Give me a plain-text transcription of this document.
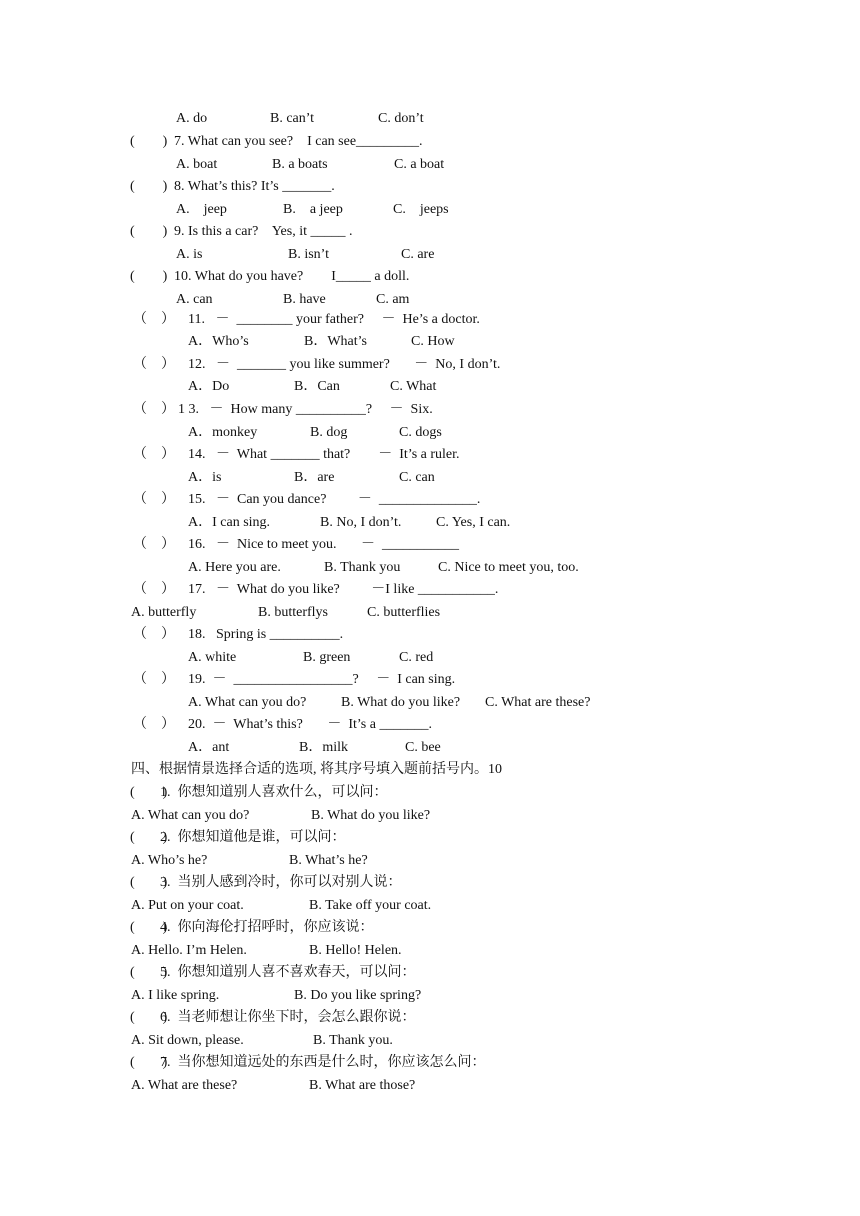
A. do	B. can’t	C. don’t
(        ) 7. What can you see?    I can see_________.
A. boat	B. a boats	C. a boat
(        ) 8. What’s this? It’s _______.
A.    jeep	B.    a jeep	C.    jeeps
(        ) 9. Is this a car?    Yes, it _____ .
A. is	B. isn’t	C. are
(        ) 10. What do you have?        I_____ a doll.
A. can	B. have	C. am
（    ） 11.   －  ________ your father?     －  He’s a doctor.
A．Who’s	B．What’s	C. How
（    ） 12.   －  _______ you like summer?       －  No, I don’t.
A．Do	B．Can	C. What
（    ） 1 3.   －  How many __________?     －  Six.
A．monkey	B. dog	C. dogs
（    ） 14.   －  What _______ that?        －  It’s a ruler.
A．is	B．are	C. can
（    ） 15.   －  Can you dance?         －  ______________.
A．I can sing.	B. No, I don’t. C. Yes, I can.
（    ） 16.   －  Nice to meet you.       －  ___________
A. Here you are.	B. Thank you	C. Nice to meet you, too.
（    ） 17.   －  What do you like?         －I like ___________.
A. butterfly	B. butterflys	C. butterflies
（    ） 18.   Spring is __________.
A. white	B. green	C. red
（    ） 19.  －  _________________?     －  I can sing.
A. What can you do? B. What do you like? C. What are these?
（    ） 20.  －  What’s this?       －  It’s a _______.
A．ant	B．milk	C. bee
四、根据情景选择合适的选项, 将其序号填入题前括号内。10
(        )
1.  你想知道别人喜欢什么，可以问：
A. What can you do?	B. What do you like?
(        )
2.  你想知道他是谁，可以问：
A. Who’s he?	B. What’s he?
(        )
3.  当别人感到冷时，你可以对别人说：
A. Put on your coat.	B. Take off your coat.
(        )
4.  你向海伦打招呼时，你应该说：
A. Hello. I’m Helen.	B. Hello! Helen.
(        )
5.  你想知道别人喜不喜欢春天，可以问：
A. I like spring.	B. Do you like spring?
(        )
6.  当老师想让你坐下时，会怎么跟你说：
A. Sit down, please.	B. Thank you.
(        )
7.  当你想知道远处的东西是什么时，你应该怎么问：
A. What are these?	B. What are those?
